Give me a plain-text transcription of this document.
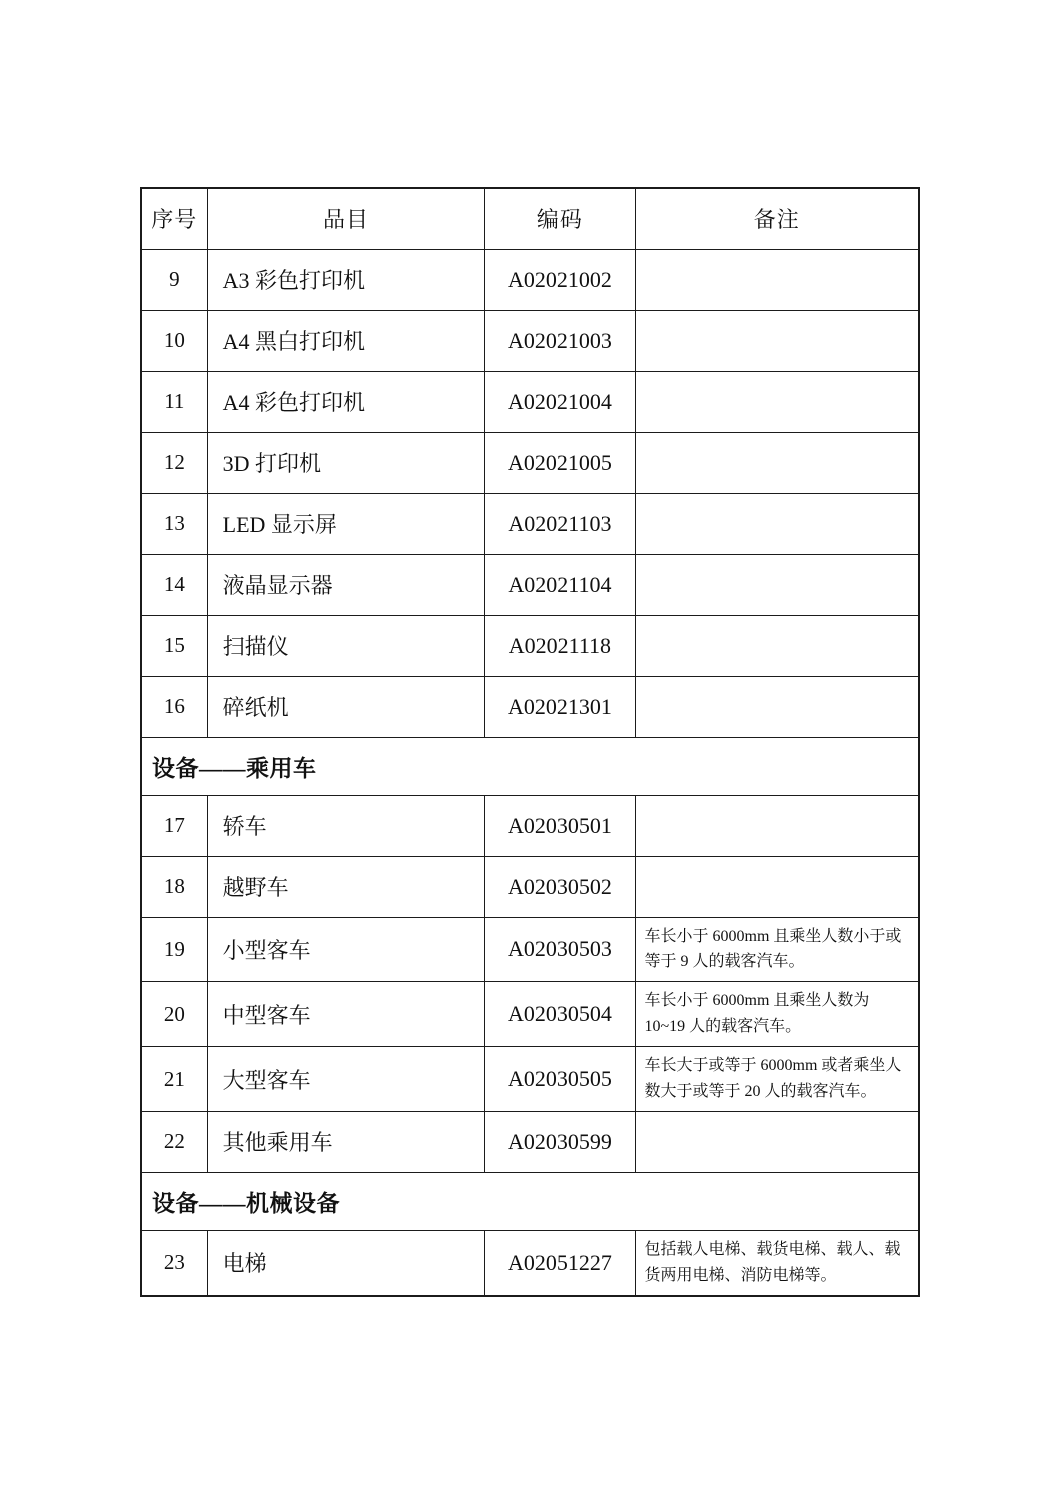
序号	品目	编码	备注
9	A3 彩色打印机	A02021002	
10	A4 黑白打印机	A02021003	
11	A4 彩色打印机	A02021004	
12	3D 打印机	A02021005	
13	LED 显示屏	A02021103	
14	液晶显示器	A02021104	
15	扫描仪	A02021118	
16	碎纸机	A02021301	
设备——乘用车			
17	轿车	A02030501	
18	越野车	A02030502	
19	小型客车	A02030503	车长小于 6000mm 且乘坐人数小于或等于 9 人的载客汽车。
20	中型客车	A02030504	车长小于 6000mm 且乘坐人数为 10~19 人的载客汽车。
21	大型客车	A02030505	车长大于或等于 6000mm 或者乘坐人数大于或等于 20 人的载客汽车。
22	其他乘用车	A02030599	
设备——机械设备			
23	电梯	A02051227	包括载人电梯、载货电梯、载人、载货两用电梯、消防电梯等。
